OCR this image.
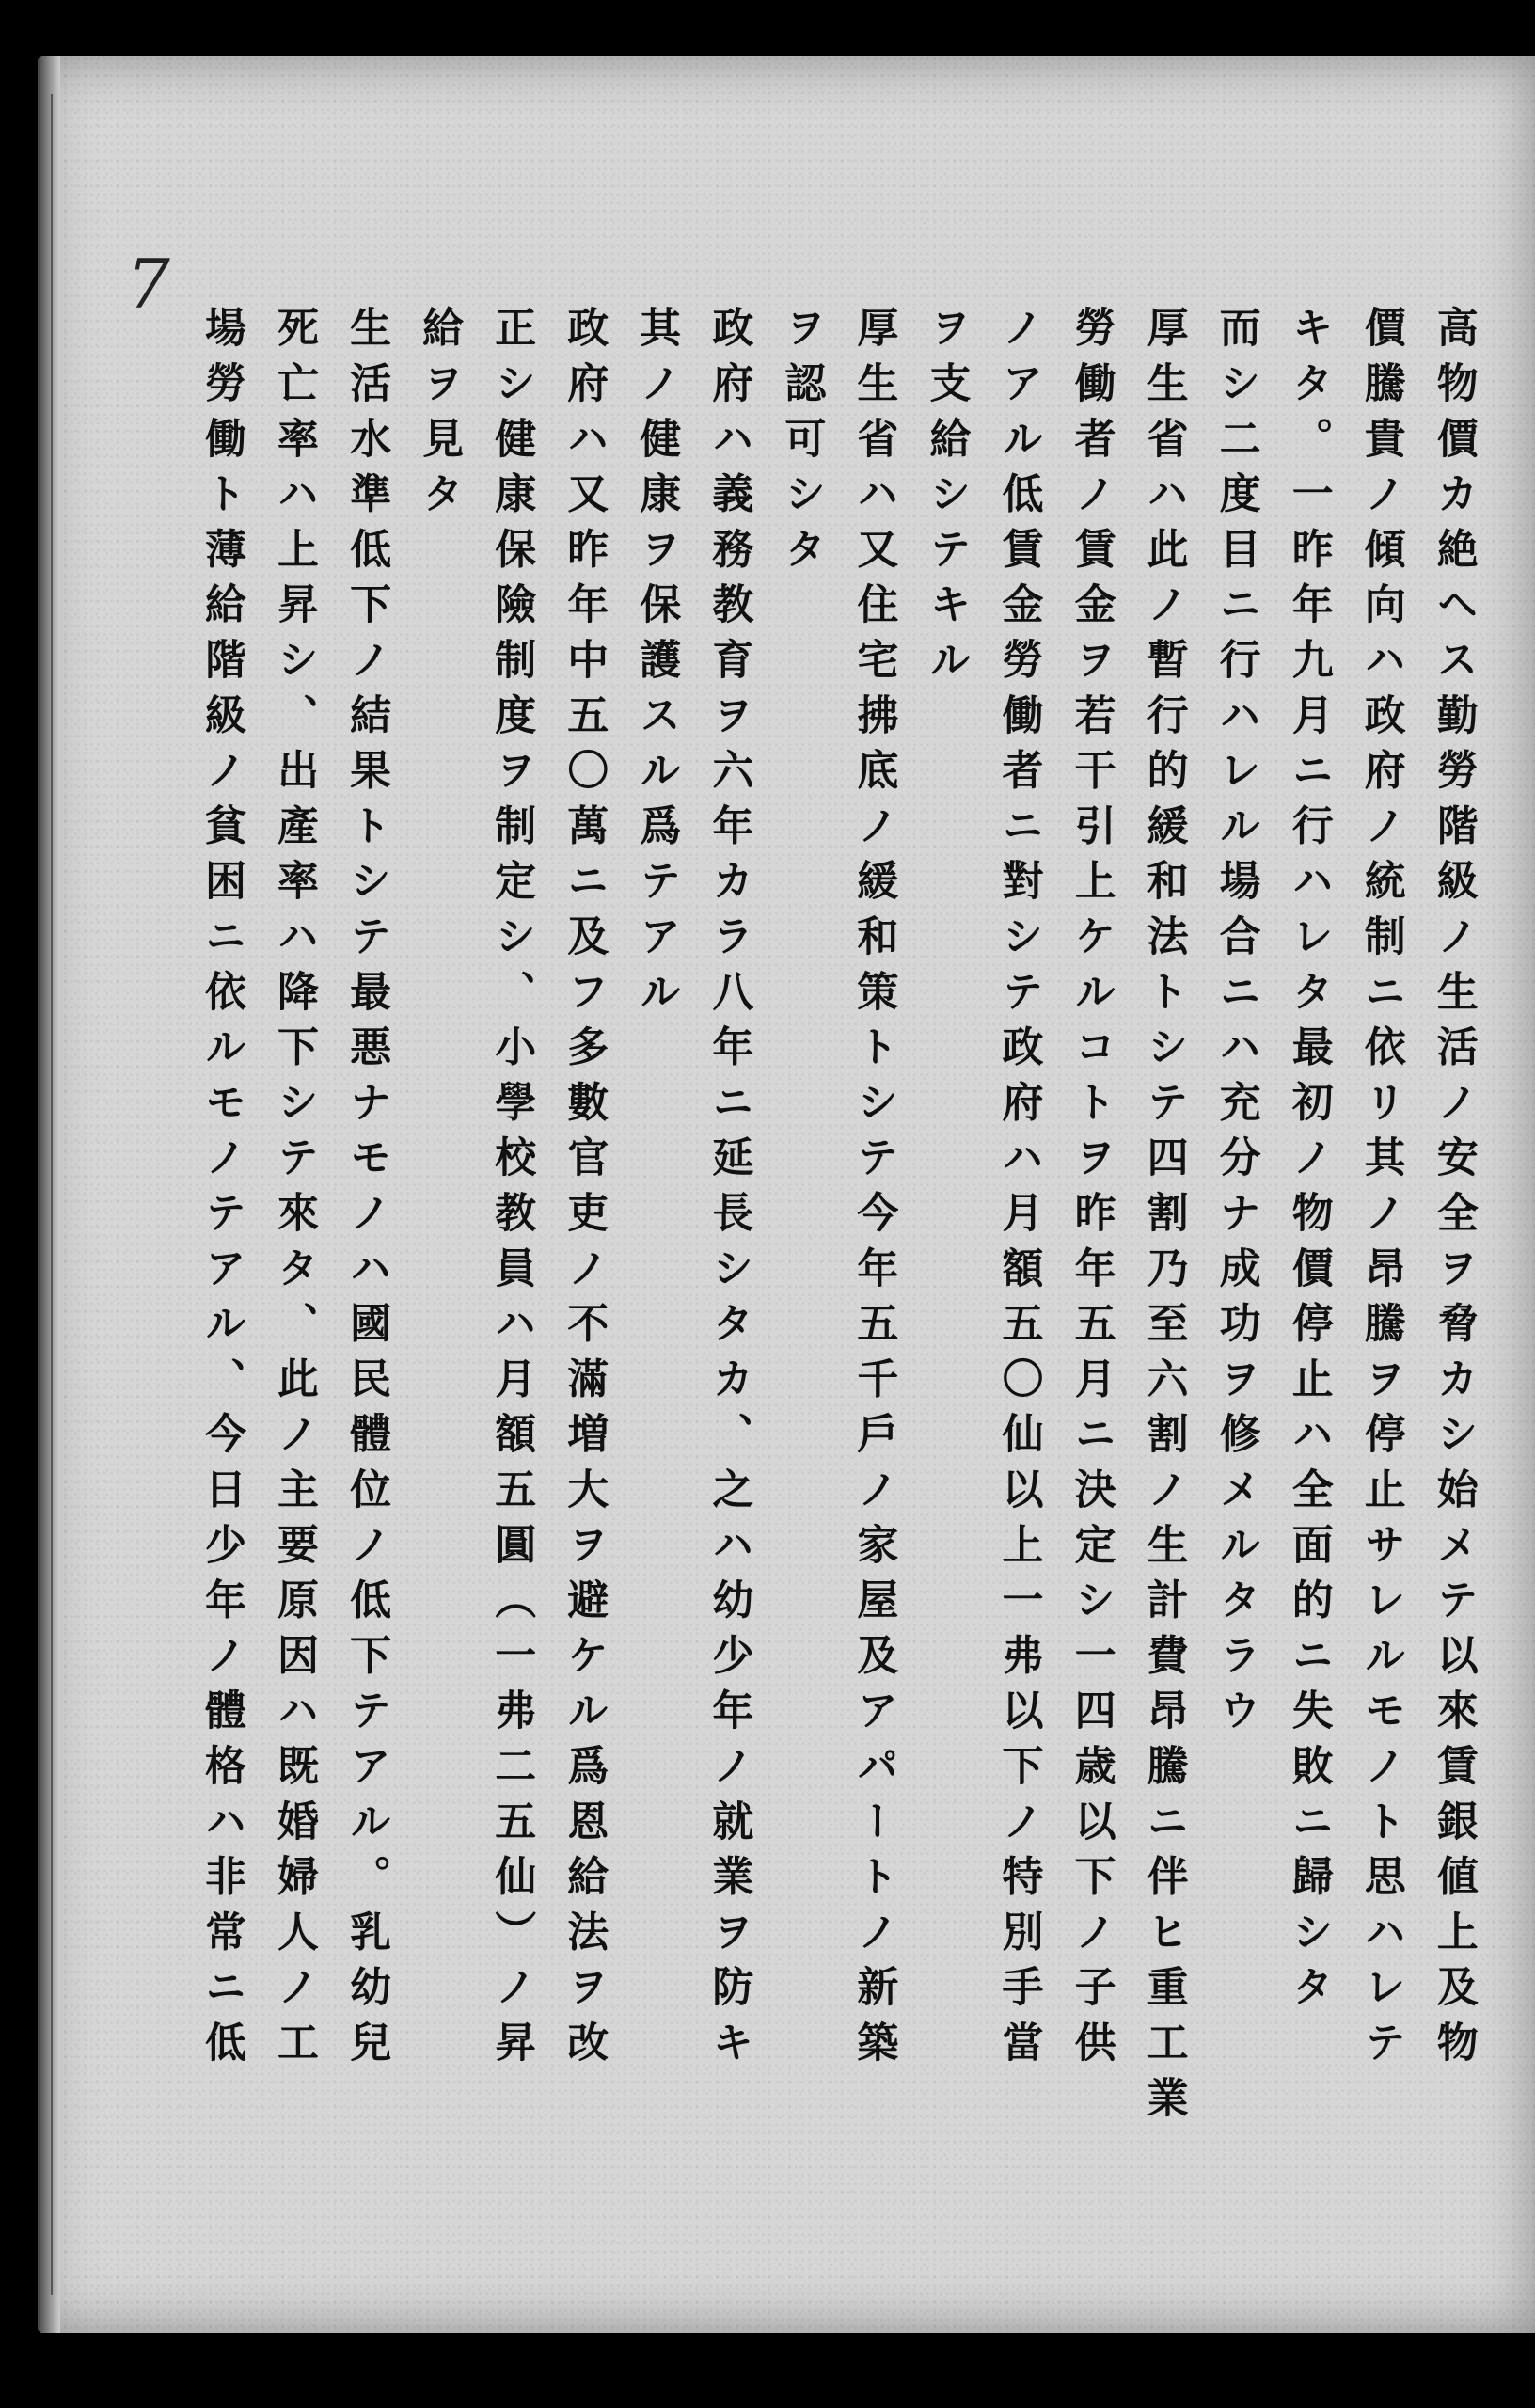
7
高物價カ絶ヘス勤勞階級ノ生活ノ安全ヲ脅カシ始メテ以來賃銀値上及物
價騰貴ノ傾向ハ政府ノ統制ニ依リ其ノ昂騰ヲ停止サレルモノト思ハレテ
キタ。一昨年九月ニ行ハレタ最初ノ物價停止ハ全面的ニ失敗ニ歸シタ
而シ二度目ニ行ハレル場合ニハ充分ナ成功ヲ修メルタラウ
厚生省ハ此ノ暫行的緩和法トシテ四割乃至六割ノ生計費昂騰ニ伴ヒ重工業
勞働者ノ賃金ヲ若干引上ケルコトヲ昨年五月ニ決定シ一四歳以下ノ子供
ノアル低賃金勞働者ニ對シテ政府ハ月額五〇仙以上一弗以下ノ特別手當
ヲ支給シテキル
厚生省ハ又住宅拂底ノ緩和策トシテ今年五千戶ノ家屋及アパートノ新築
ヲ認可シタ
政府ハ義務教育ヲ六年カラ八年ニ延長シタカ、之ハ幼少年ノ就業ヲ防キ
其ノ健康ヲ保護スル爲テアル
政府ハ又昨年中五〇萬ニ及フ多數官吏ノ不滿増大ヲ避ケル爲恩給法ヲ改
正シ健康保險制度ヲ制定シ、小學校教員ハ月額五圓（一弗二五仙）ノ昇
給ヲ見タ
生活水準低下ノ結果トシテ最悪ナモノハ國民體位ノ低下テアル。乳幼兒
死亡率ハ上昇シ、出產率ハ降下シテ來タ、此ノ主要原因ハ既婚婦人ノ工
場勞働ト薄給階級ノ貧困ニ依ルモノテアル、今日少年ノ體格ハ非常ニ低
